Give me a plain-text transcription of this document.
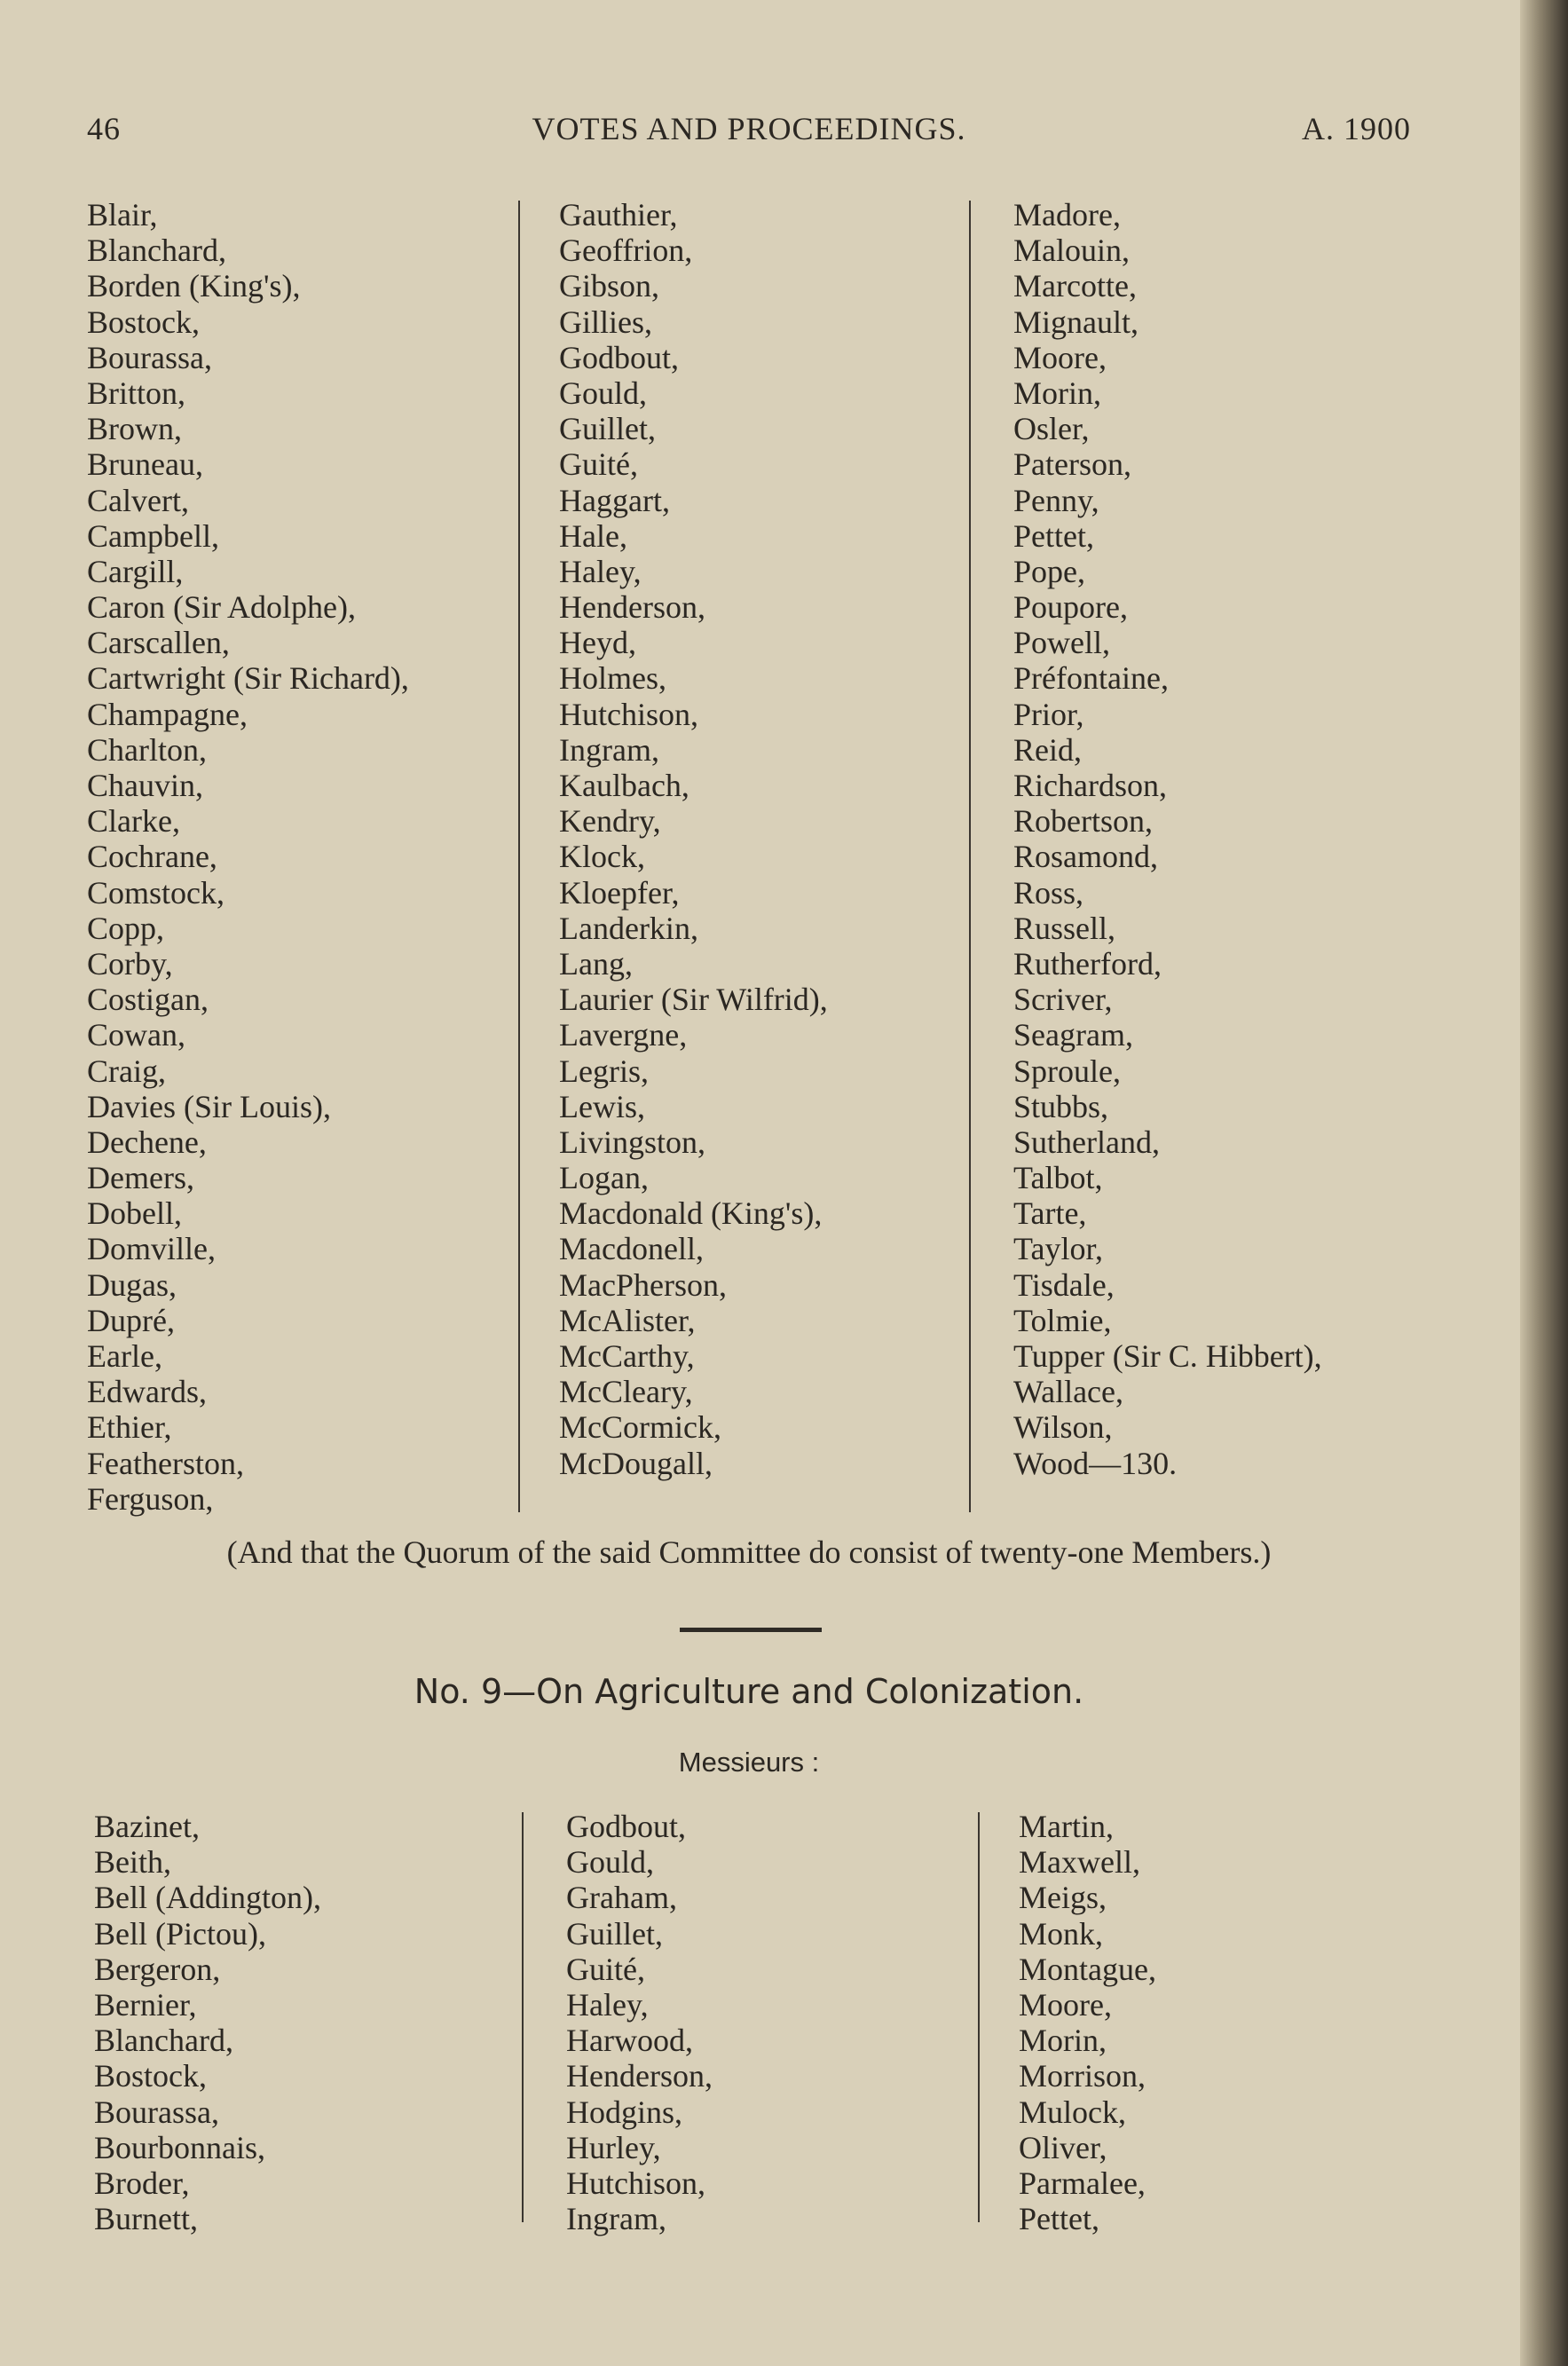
46	VOTES AND PROCEEDINGS.	A. 1900
Blair,
Blanchard,
Borden (King's),
Bostock,
Bourassa,
Britton,
Brown,
Bruneau,
Calvert,
Campbell,
Cargill,
Caron (Sir Adolphe),
Carscallen,
Cartwright (Sir Richard),
Champagne,
Charlton,
Chauvin,
Clarke,
Cochrane,
Comstock,
Copp,
Corby,
Costigan,
Cowan,
Craig,
Davies (Sir Louis),
Dechene,
Demers,
Dobell,
Domville,
Dugas,
Dupré,
Earle,
Edwards,
Ethier,
Featherston,
Ferguson,
Gauthier,
Geoffrion,
Gibson,
Gillies,
Godbout,
Gould,
Guillet,
Guité,
Haggart,
Hale,
Haley,
Henderson,
Heyd,
Holmes,
Hutchison,
Ingram,
Kaulbach,
Kendry,
Klock,
Kloepfer,
Landerkin,
Lang,
Laurier (Sir Wilfrid),
Lavergne,
Legris,
Lewis,
Livingston,
Logan,
Macdonald (King's),
Macdonell,
MacPherson,
McAlister,
McCarthy,
McCleary,
McCormick,
McDougall,
Madore,
Malouin,
Marcotte,
Mignault,
Moore,
Morin,
Osler,
Paterson,
Penny,
Pettet,
Pope,
Poupore,
Powell,
Préfontaine,
Prior,
Reid,
Richardson,
Robertson,
Rosamond,
Ross,
Russell,
Rutherford,
Scriver,
Seagram,
Sproule,
Stubbs,
Sutherland,
Talbot,
Tarte,
Taylor,
Tisdale,
Tolmie,
Tupper (Sir C. Hibbert),
Wallace,
Wilson,
Wood—130.
(And that the Quorum of the said Committee do consist of twenty-one Members.)
No. 9—On Agriculture and Colonization.
Messieurs :
Bazinet,
Beith,
Bell (Addington),
Bell (Pictou),
Bergeron,
Bernier,
Blanchard,
Bostock,
Bourassa,
Bourbonnais,
Broder,
Burnett,
Godbout,
Gould,
Graham,
Guillet,
Guité,
Haley,
Harwood,
Henderson,
Hodgins,
Hurley,
Hutchison,
Ingram,
Martin,
Maxwell,
Meigs,
Monk,
Montague,
Moore,
Morin,
Morrison,
Mulock,
Oliver,
Parmalee,
Pettet,
